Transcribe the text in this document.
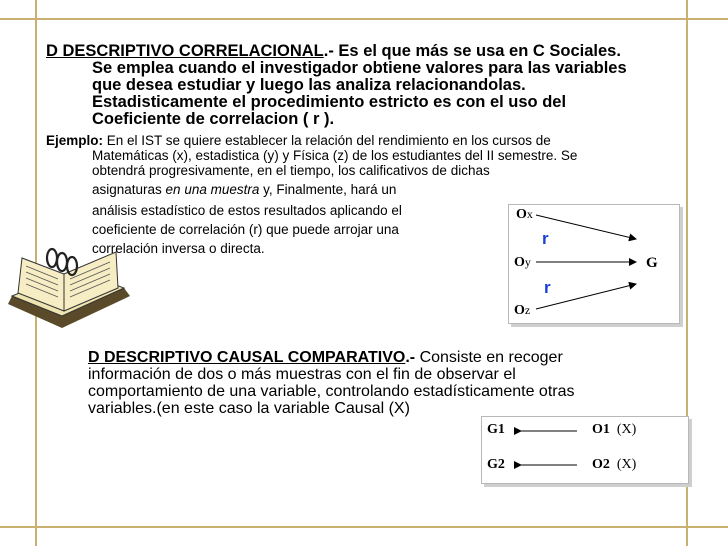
D DESCRIPTIVO CORRELACIONAL.- Es el que más se usa en C Sociales.
Se emplea cuando el investigador obtiene valores para las variables
que desea estudiar y luego las analiza relacionandolas.
Estadisticamente el procedimiento estricto es con el uso del
Coeficiente de correlacion ( r ).
Ejemplo: En el IST se quiere establecer la relación del rendimiento en los cursos de
Matemáticas (x), estadistica (y) y Física (z) de los estudiantes del II semestre. Se
obtendrá progresivamente, en el tiempo, los calificativos de dichas
asignaturas en una muestra y, Finalmente, hará un
análisis estadístico de estos resultados aplicando el
coeficiente de correlación (r) que puede arrojar una
correlación inversa o directa.
Ox
r
Oy	G
r
Oz
D DESCRIPTIVO CAUSAL COMPARATIVO.- Consiste en recoger
información de dos o más muestras con el fin de observar el
comportamiento de una variable, controlando estadísticamente otras
variables.(en este caso la variable Causal (X)
G1	O1 (X)
G2	O2 (X)
